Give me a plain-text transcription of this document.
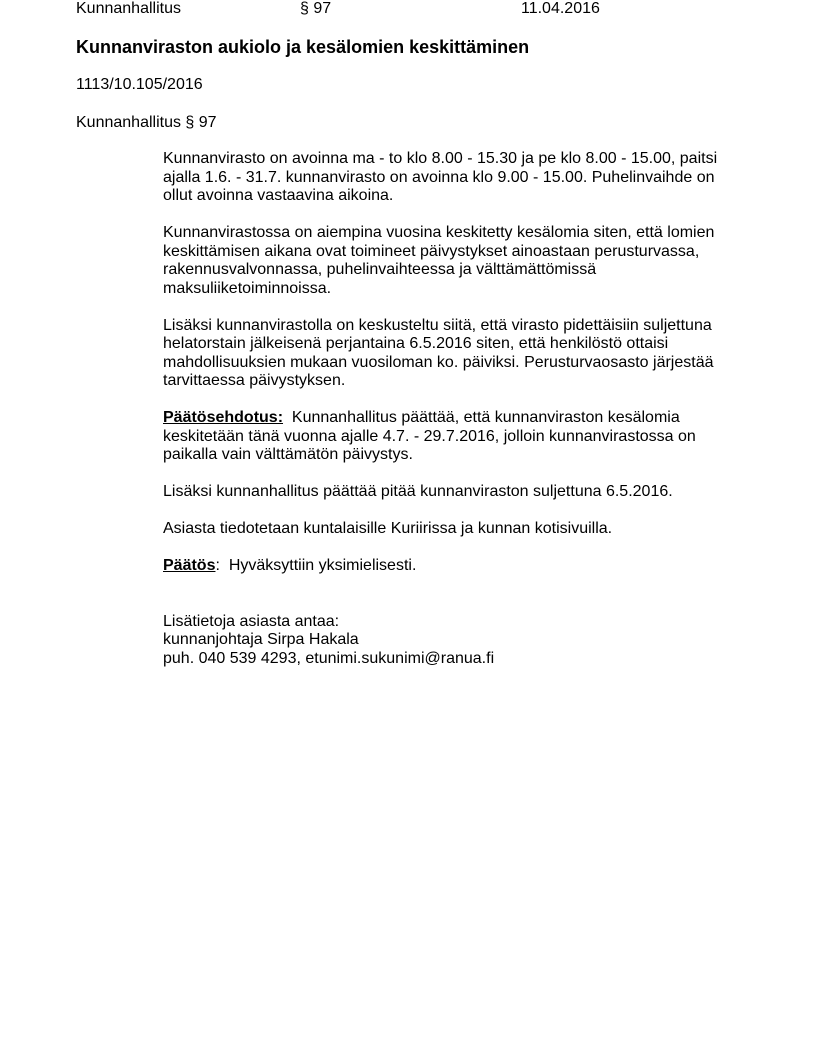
Kunnanhallitus	§ 97	11.04.2016
Kunnanviraston aukiolo ja kesälomien keskittäminen
1113/10.105/2016
Kunnanhallitus § 97

Kunnanvirasto on avoinna ma - to klo 8.00 - 15.30 ja pe klo 8.00 - 15.00, paitsi
ajalla 1.6. - 31.7. kunnanvirasto on avoinna klo 9.00 - 15.00. Puhelinvaihde on
ollut avoinna vastaavina aikoina.

Kunnanvirastossa on aiempina vuosina keskitetty kesälomia siten, että lomien
keskittämisen aikana ovat toimineet päivystykset ainoastaan perusturvassa,
rakennusvalvonnassa, puhelinvaihteessa ja välttämättömissä
maksuliiketoiminnoissa.

Lisäksi kunnanvirastolla on keskusteltu siitä, että virasto pidettäisiin suljettuna
helatorstain jälkeisenä perjantaina 6.5.2016 siten, että henkilöstö ottaisi
mahdollisuuksien mukaan vuosiloman ko. päiviksi. Perusturvaosasto järjestää
tarvittaessa päivystyksen.

Päätösehdotus: Kunnanhallitus päättää, että kunnanviraston kesälomia
keskitetään tänä vuonna ajalle 4.7. - 29.7.2016, jolloin kunnanvirastossa on
paikalla vain välttämätön päivystys.

Lisäksi kunnanhallitus päättää pitää kunnanviraston suljettuna 6.5.2016.

Asiasta tiedotetaan kuntalaisille Kuriirissa ja kunnan kotisivuilla.

Päätös:  Hyväksyttiin yksimielisesti.

Lisätietoja asiasta antaa:
kunnanjohtaja Sirpa Hakala
puh. 040 539 4293, etunimi.sukunimi@ranua.fi
